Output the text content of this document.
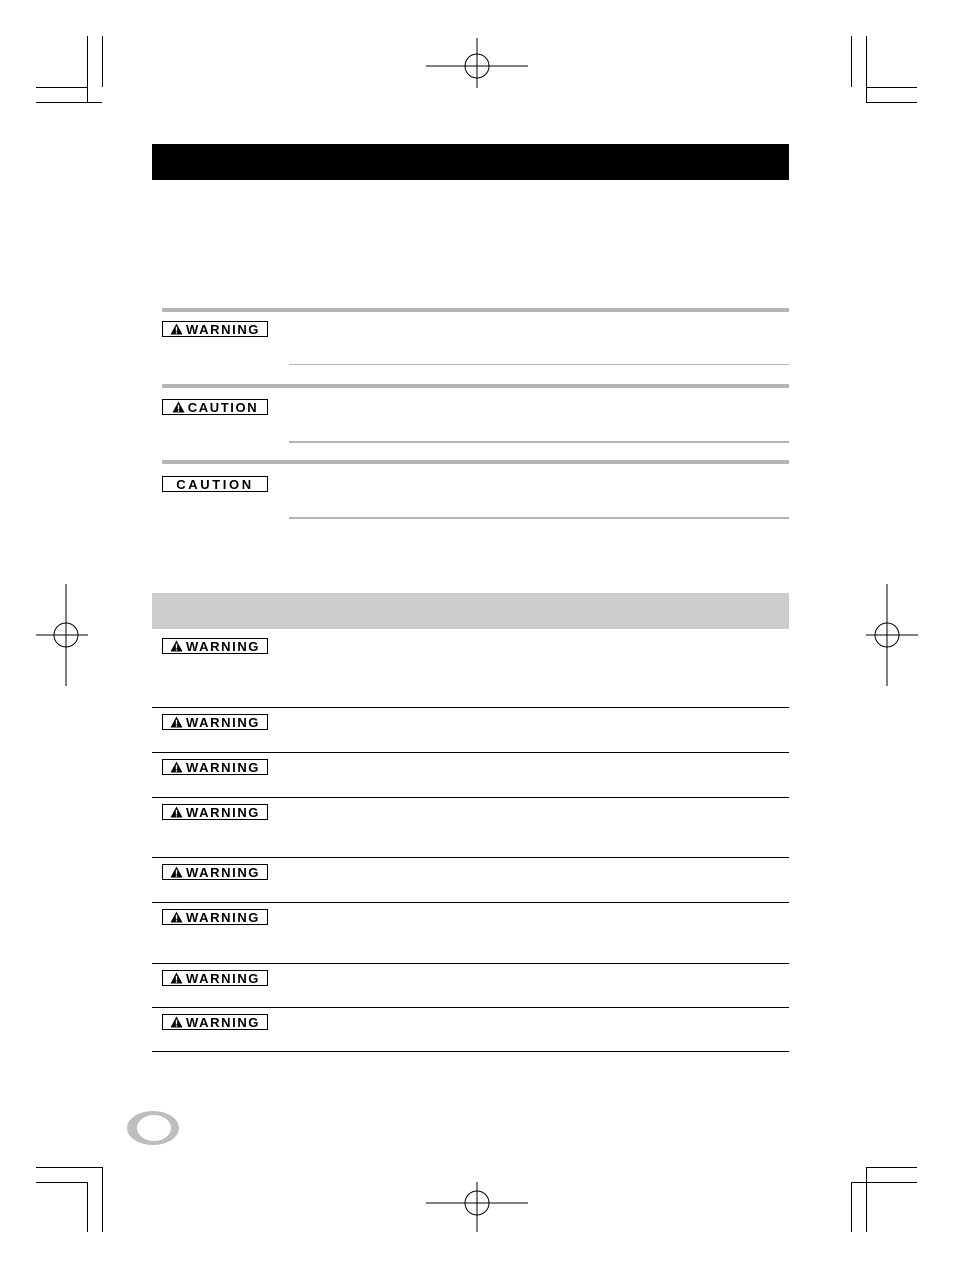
WARNING
CAUTION
CAUTION
WARNING
WARNING
WARNING
WARNING
WARNING
WARNING
WARNING
WARNING
